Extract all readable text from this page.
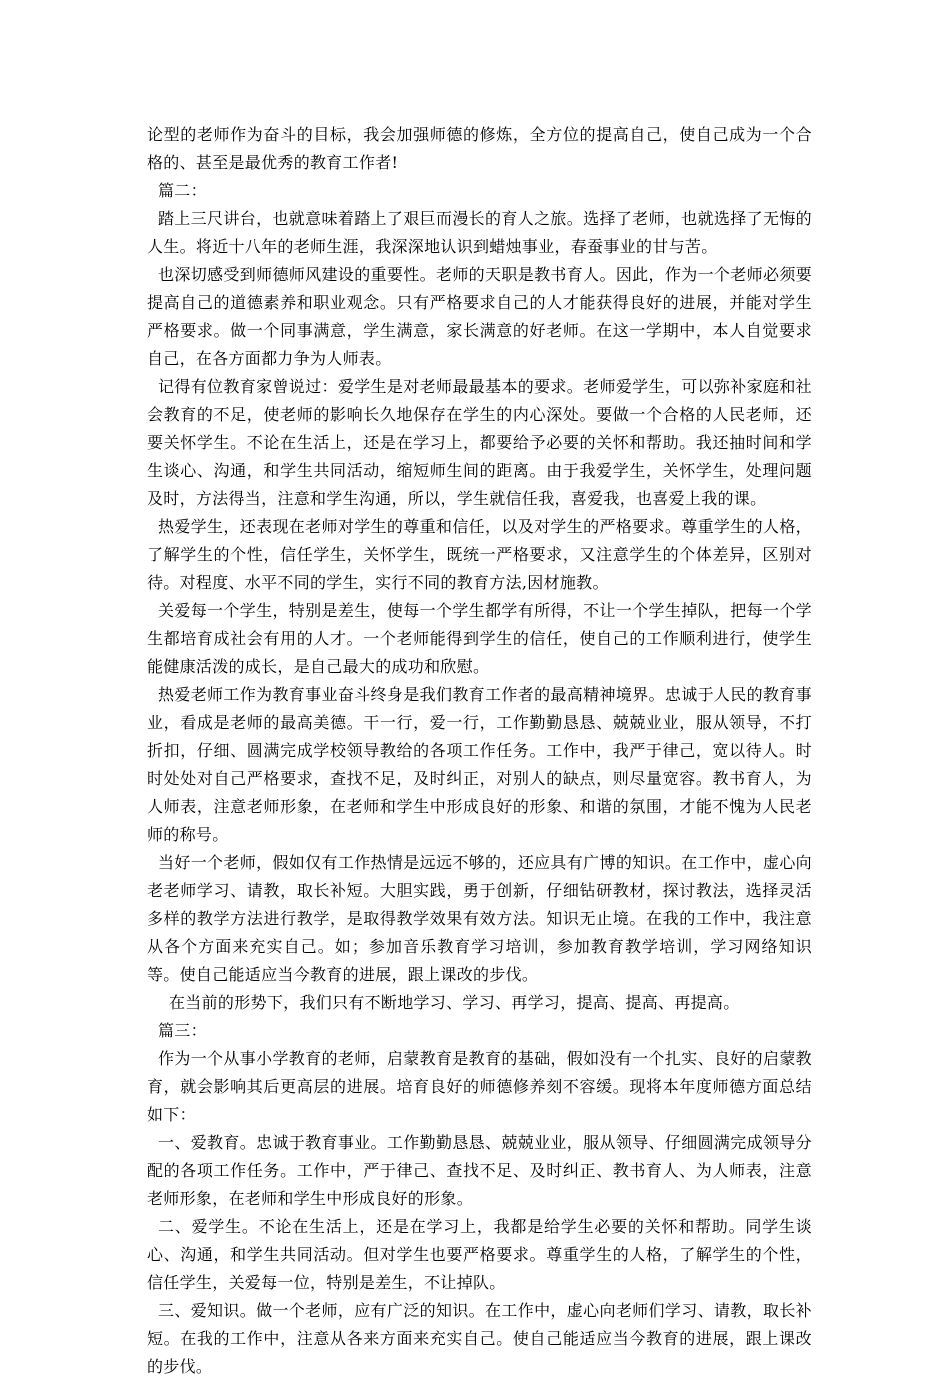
论型的老师作为奋斗的目标，我会加强师德的修炼，全方位的提高自己，使自己成为一个合格的、甚至是最优秀的教育工作者!

篇二：

踏上三尺讲台，也就意味着踏上了艰巨而漫长的育人之旅。选择了老师，也就选择了无悔的人生。将近十八年的老师生涯，我深深地认识到蜡烛事业，春蚕事业的甘与苦。

也深切感受到师德师风建设的重要性。老师的天职是教书育人。因此，作为一个老师必须要提高自己的道德素养和职业观念。只有严格要求自己的人才能获得良好的进展，并能对学生严格要求。做一个同事满意，学生满意，家长满意的好老师。在这一学期中，本人自觉要求自己，在各方面都力争为人师表。

记得有位教育家曾说过：爱学生是对老师最最基本的要求。老师爱学生，可以弥补家庭和社会教育的不足，使老师的影响长久地保存在学生的内心深处。要做一个合格的人民老师，还要关怀学生。不论在生活上，还是在学习上，都要给予必要的关怀和帮助。我还抽时间和学生谈心、沟通，和学生共同活动，缩短师生间的距离。由于我爱学生，关怀学生，处理问题及时，方法得当，注意和学生沟通，所以，学生就信任我，喜爱我，也喜爱上我的课。

热爱学生，还表现在老师对学生的尊重和信任，以及对学生的严格要求。尊重学生的人格，了解学生的个性，信任学生，关怀学生，既统一严格要求，又注意学生的个体差异，区别对待。对程度、水平不同的学生，实行不同的教育方法,因材施教。

关爱每一个学生，特别是差生，使每一个学生都学有所得，不让一个学生掉队，把每一个学生都培育成社会有用的人才。一个老师能得到学生的信任，使自己的工作顺利进行，使学生能健康活泼的成长，是自己最大的成功和欣慰。

热爱老师工作为教育事业奋斗终身是我们教育工作者的最高精神境界。忠诚于人民的教育事业，看成是老师的最高美德。干一行，爱一行，工作勤勤恳恳、兢兢业业，服从领导，不打折扣，仔细、圆满完成学校领导教给的各项工作任务。工作中，我严于律己，宽以待人。时时处处对自己严格要求，查找不足，及时纠正，对别人的缺点，则尽量宽容。教书育人，为人师表，注意老师形象，在老师和学生中形成良好的形象、和谐的氛围，才能不愧为人民老师的称号。

当好一个老师，假如仅有工作热情是远远不够的，还应具有广博的知识。在工作中，虚心向老老师学习、请教，取长补短。大胆实践，勇于创新，仔细钻研教材，探讨教法，选择灵活多样的教学方法进行教学，是取得教学效果有效方法。知识无止境。在我的工作中，我注意从各个方面来充实自己。如；参加音乐教育学习培训，参加教育教学培训，学习网络知识等。使自己能适应当今教育的进展，跟上课改的步伐。

在当前的形势下，我们只有不断地学习、学习、再学习，提高、提高、再提高。

篇三：

作为一个从事小学教育的老师，启蒙教育是教育的基础，假如没有一个扎实、良好的启蒙教育，就会影响其后更高层的进展。培育良好的师德修养刻不容缓。现将本年度师德方面总结如下：

一、爱教育。忠诚于教育事业。工作勤勤恳恳、兢兢业业，服从领导、仔细圆满完成领导分配的各项工作任务。工作中，严于律己、查找不足、及时纠正、教书育人、为人师表，注意老师形象，在老师和学生中形成良好的形象。

二、爱学生。不论在生活上，还是在学习上，我都是给学生必要的关怀和帮助。同学生谈心、沟通，和学生共同活动。但对学生也要严格要求。尊重学生的人格，了解学生的个性，信任学生，关爱每一位，特别是差生，不让掉队。

三、爱知识。做一个老师，应有广泛的知识。在工作中，虚心向老师们学习、请教，取长补短。在我的工作中，注意从各来方面来充实自己。使自己能适应当今教育的进展，跟上课改的步伐。
